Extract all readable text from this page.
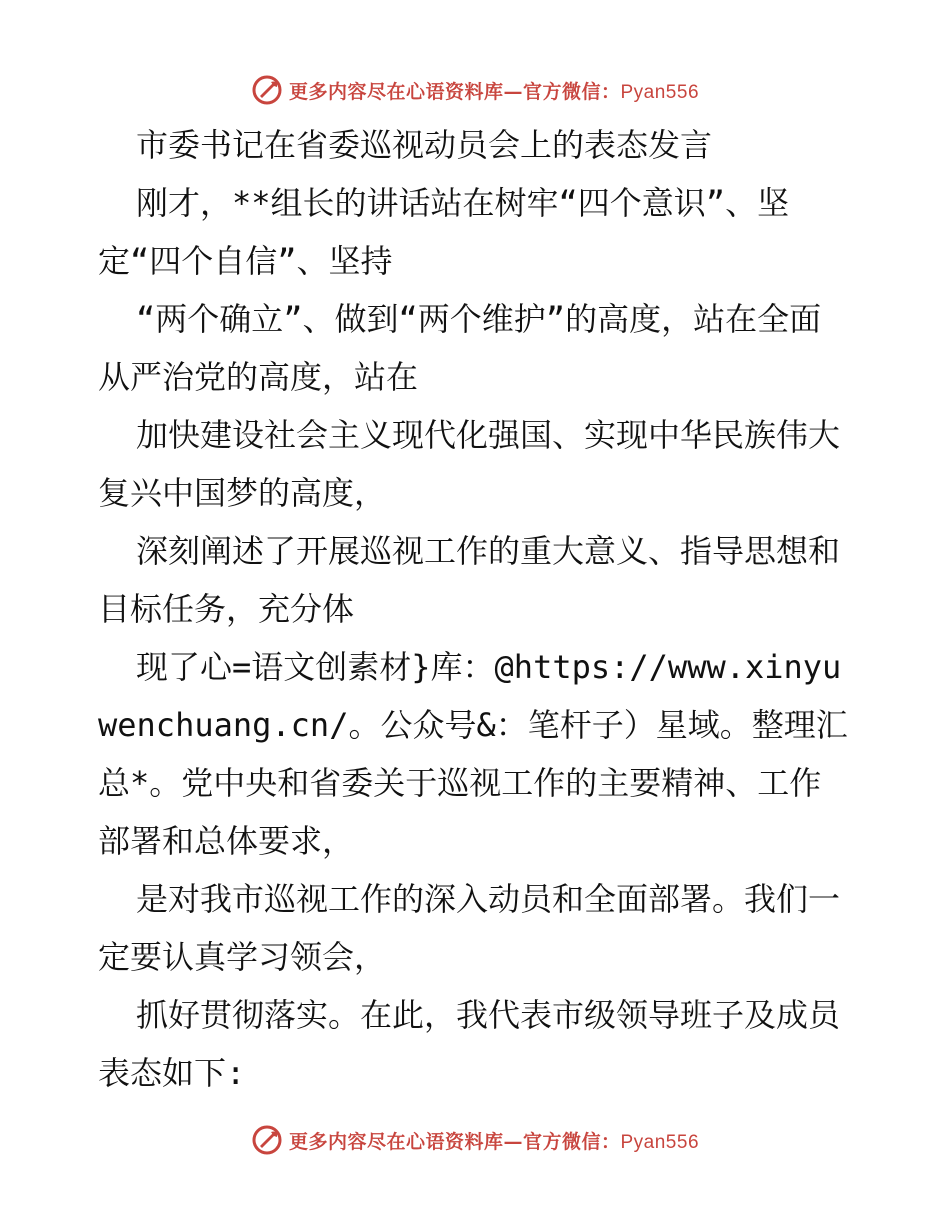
更多内容尽在心语资料库—官方微信：Pyan556

市委书记在省委巡视动员会上的表态发言

刚才，**组长的讲话站在树牢“四个意识”、坚定“四个自信”、坚持

“两个确立”、做到“两个维护”的高度，站在全面从严治党的高度，站在

加快建设社会主义现代化强国、实现中华民族伟大复兴中国梦的高度，

深刻阐述了开展巡视工作的重大意义、指导思想和目标任务，充分体

现了心=语文创素材}库：@https://www.xinyuwenchuang.cn/。公众号&：笔杆子）星域。整理汇总*。党中央和省委关于巡视工作的主要精神、工作部署和总体要求，

是对我市巡视工作的深入动员和全面部署。我们一定要认真学习领会，

抓好贯彻落实。在此，我代表市级领导班子及成员表态如下:

更多内容尽在心语资料库—官方微信：Pyan556
